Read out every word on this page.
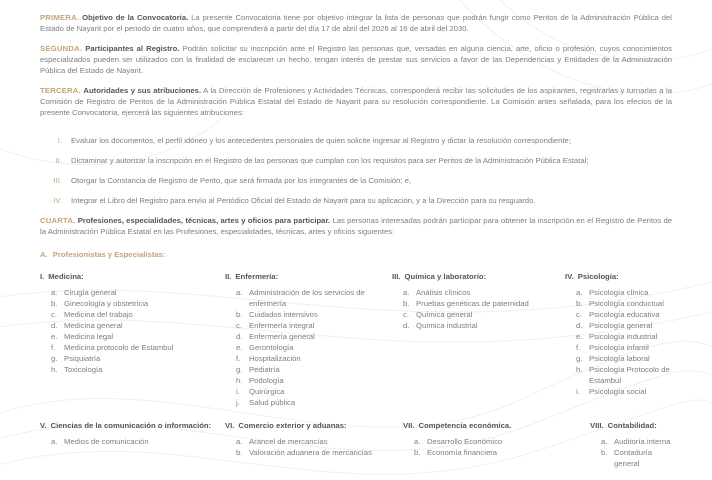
PRIMERA. Objetivo de la Convocatoria. La presente Convocatoria tiene por objetivo integrar la lista de personas que podrán fungir como Peritos de la Administración Pública del Estado de Nayarit por el periodo de cuatro años, que comprenderá a partir del día 17 de abril del 2026 al 16 de abril del 2030.

SEGUNDA. Participantes al Registro. Podrán solicitar su inscripción ante el Registro las personas que, versadas en alguna ciencia, arte, oficio o profesión, cuyos conocimientos especializados pueden ser utilizados con la finalidad de esclarecer un hecho, tengan interés de prestar sus servicios a favor de las Dependencias y Entidades de la Administración Pública del Estado de Nayarit.

TERCERA. Autoridades y sus atribuciones. A la Dirección de Profesiones y Actividades Técnicas, corresponderá recibir las solicitudes de los aspirantes, registrarlas y turnarlas a la Comisión de Registro de Peritos de la Administración Pública Estatal del Estado de Nayarit para su resolución correspondiente. La Comisión antes señalada, para los efectos de la presente Convocatoria, ejercerá las siguientes atribuciones:

I. Evaluar los documentos, el perfil idóneo y los antecedentes personales de quien solicite ingresar al Registro y dictar la resolución correspondiente;
II. Dictaminar y autorizar la inscripción en el Registro de las personas que cumplan con los requisitos para ser Peritos de la Administración Pública Estatal;
III. Otorgar la Constancia de Registro de Perito, que será firmada por los integrantes de la Comisión; e,
IV. Integrar el Libro del Registro para envío al Periódico Oficial del Estado de Nayarit para su aplicación, y a la Dirección para su resguardo.

CUARTA. Profesiones, especialidades, técnicas, artes y oficios para participar. Las personas interesadas podrán participar para obtener la inscripción en el Registro de Peritos de la Administración Pública Estatal en las Profesiones, especialidades, técnicas, artes y oficios siguientes:

A. Profesionistas y Especialistas:
I. Medicina:
a. Cirugía general
b. Ginecología y obstetricia
c. Medicina del trabajo
d. Medicina general
e. Medicina legal
f.	Medicina protocolo de Estambul
g. Psiquiatría
h. Toxicología
II. Enfermería:
a. Administración de los servicios de enfermería
b. Cuidados intensivos
c. Enfermería integral
d. Enfermería general
e. Gerontología
f.	Hospitalización
g. Pediatría
h. Podología
i.	Quirúrgica
j.	Salud pública
III. Química y laboratorio:
a. Análisis clínicos
b. Pruebas genéticas de paternidad
c. Química general
d. Química industrial
IV. Psicología:
a. Psicología clínica
b. Psicología conductual
c. Psicología educativa
d. Psicología general
e. Psicología industrial
f.	Psicología infantil
g. Psicología laboral
h. Psicología Protocolo de Estambul
i.	Psicología social
V. Ciencias de la comunicación o información:
a. Medios de comunicación
VI. Comercio exterior y aduanas:
a. Arancel de mercancías
b. Valoración aduanera de mercancías
VII. Competencia económica.
a. Desarrollo Económico
b. Economía financiera
VIII. Contabilidad:
a. Auditoría interna
b. Contaduría general
